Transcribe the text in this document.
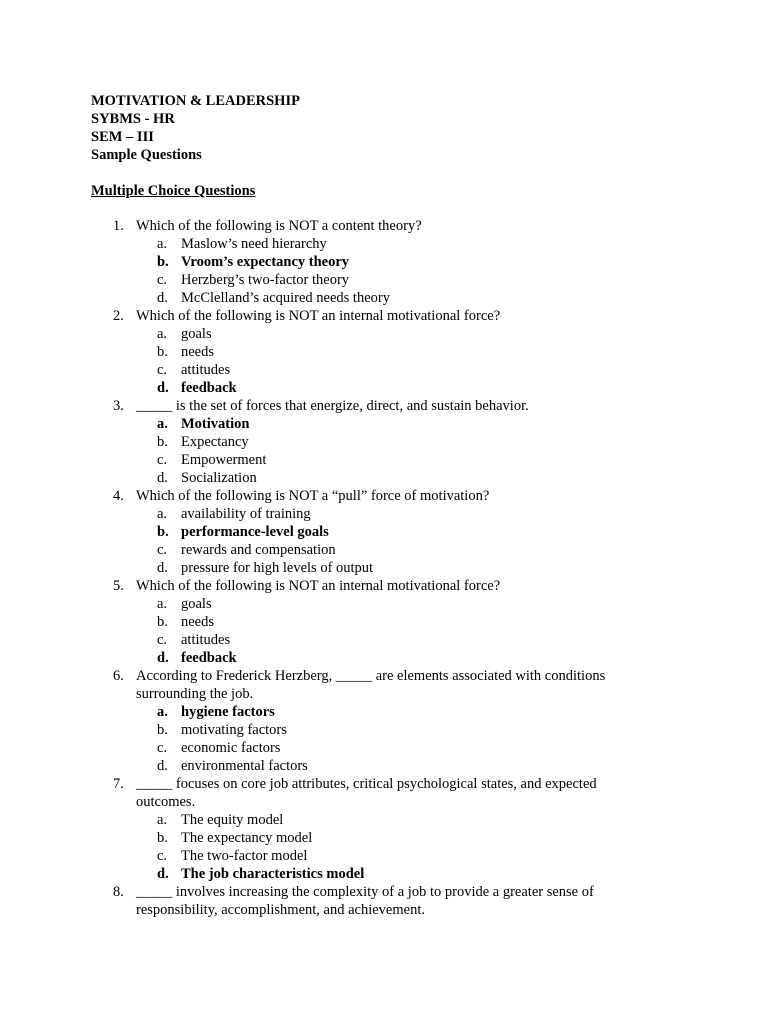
MOTIVATION & LEADERSHIP
SYBMS - HR
SEM – III
Sample Questions
Multiple Choice Questions
1. Which of the following is NOT a content theory?
a. Maslow’s need hierarchy
b. Vroom’s expectancy theory
c. Herzberg’s two-factor theory
d. McClelland’s acquired needs theory
2. Which of the following is NOT an internal motivational force?
a. goals
b. needs
c. attitudes
d. feedback
3. _____ is the set of forces that energize, direct, and sustain behavior.
a. Motivation
b. Expectancy
c. Empowerment
d. Socialization
4. Which of the following is NOT a “pull” force of motivation?
a. availability of training
b. performance-level goals
c. rewards and compensation
d. pressure for high levels of output
5. Which of the following is NOT an internal motivational force?
a. goals
b. needs
c. attitudes
d. feedback
6. According to Frederick Herzberg, _____ are elements associated with conditions surrounding the job.
a. hygiene factors
b. motivating factors
c. economic factors
d. environmental factors
7. _____ focuses on core job attributes, critical psychological states, and expected outcomes.
a. The equity model
b. The expectancy model
c. The two-factor model
d. The job characteristics model
8. _____ involves increasing the complexity of a job to provide a greater sense of responsibility, accomplishment, and achievement.
